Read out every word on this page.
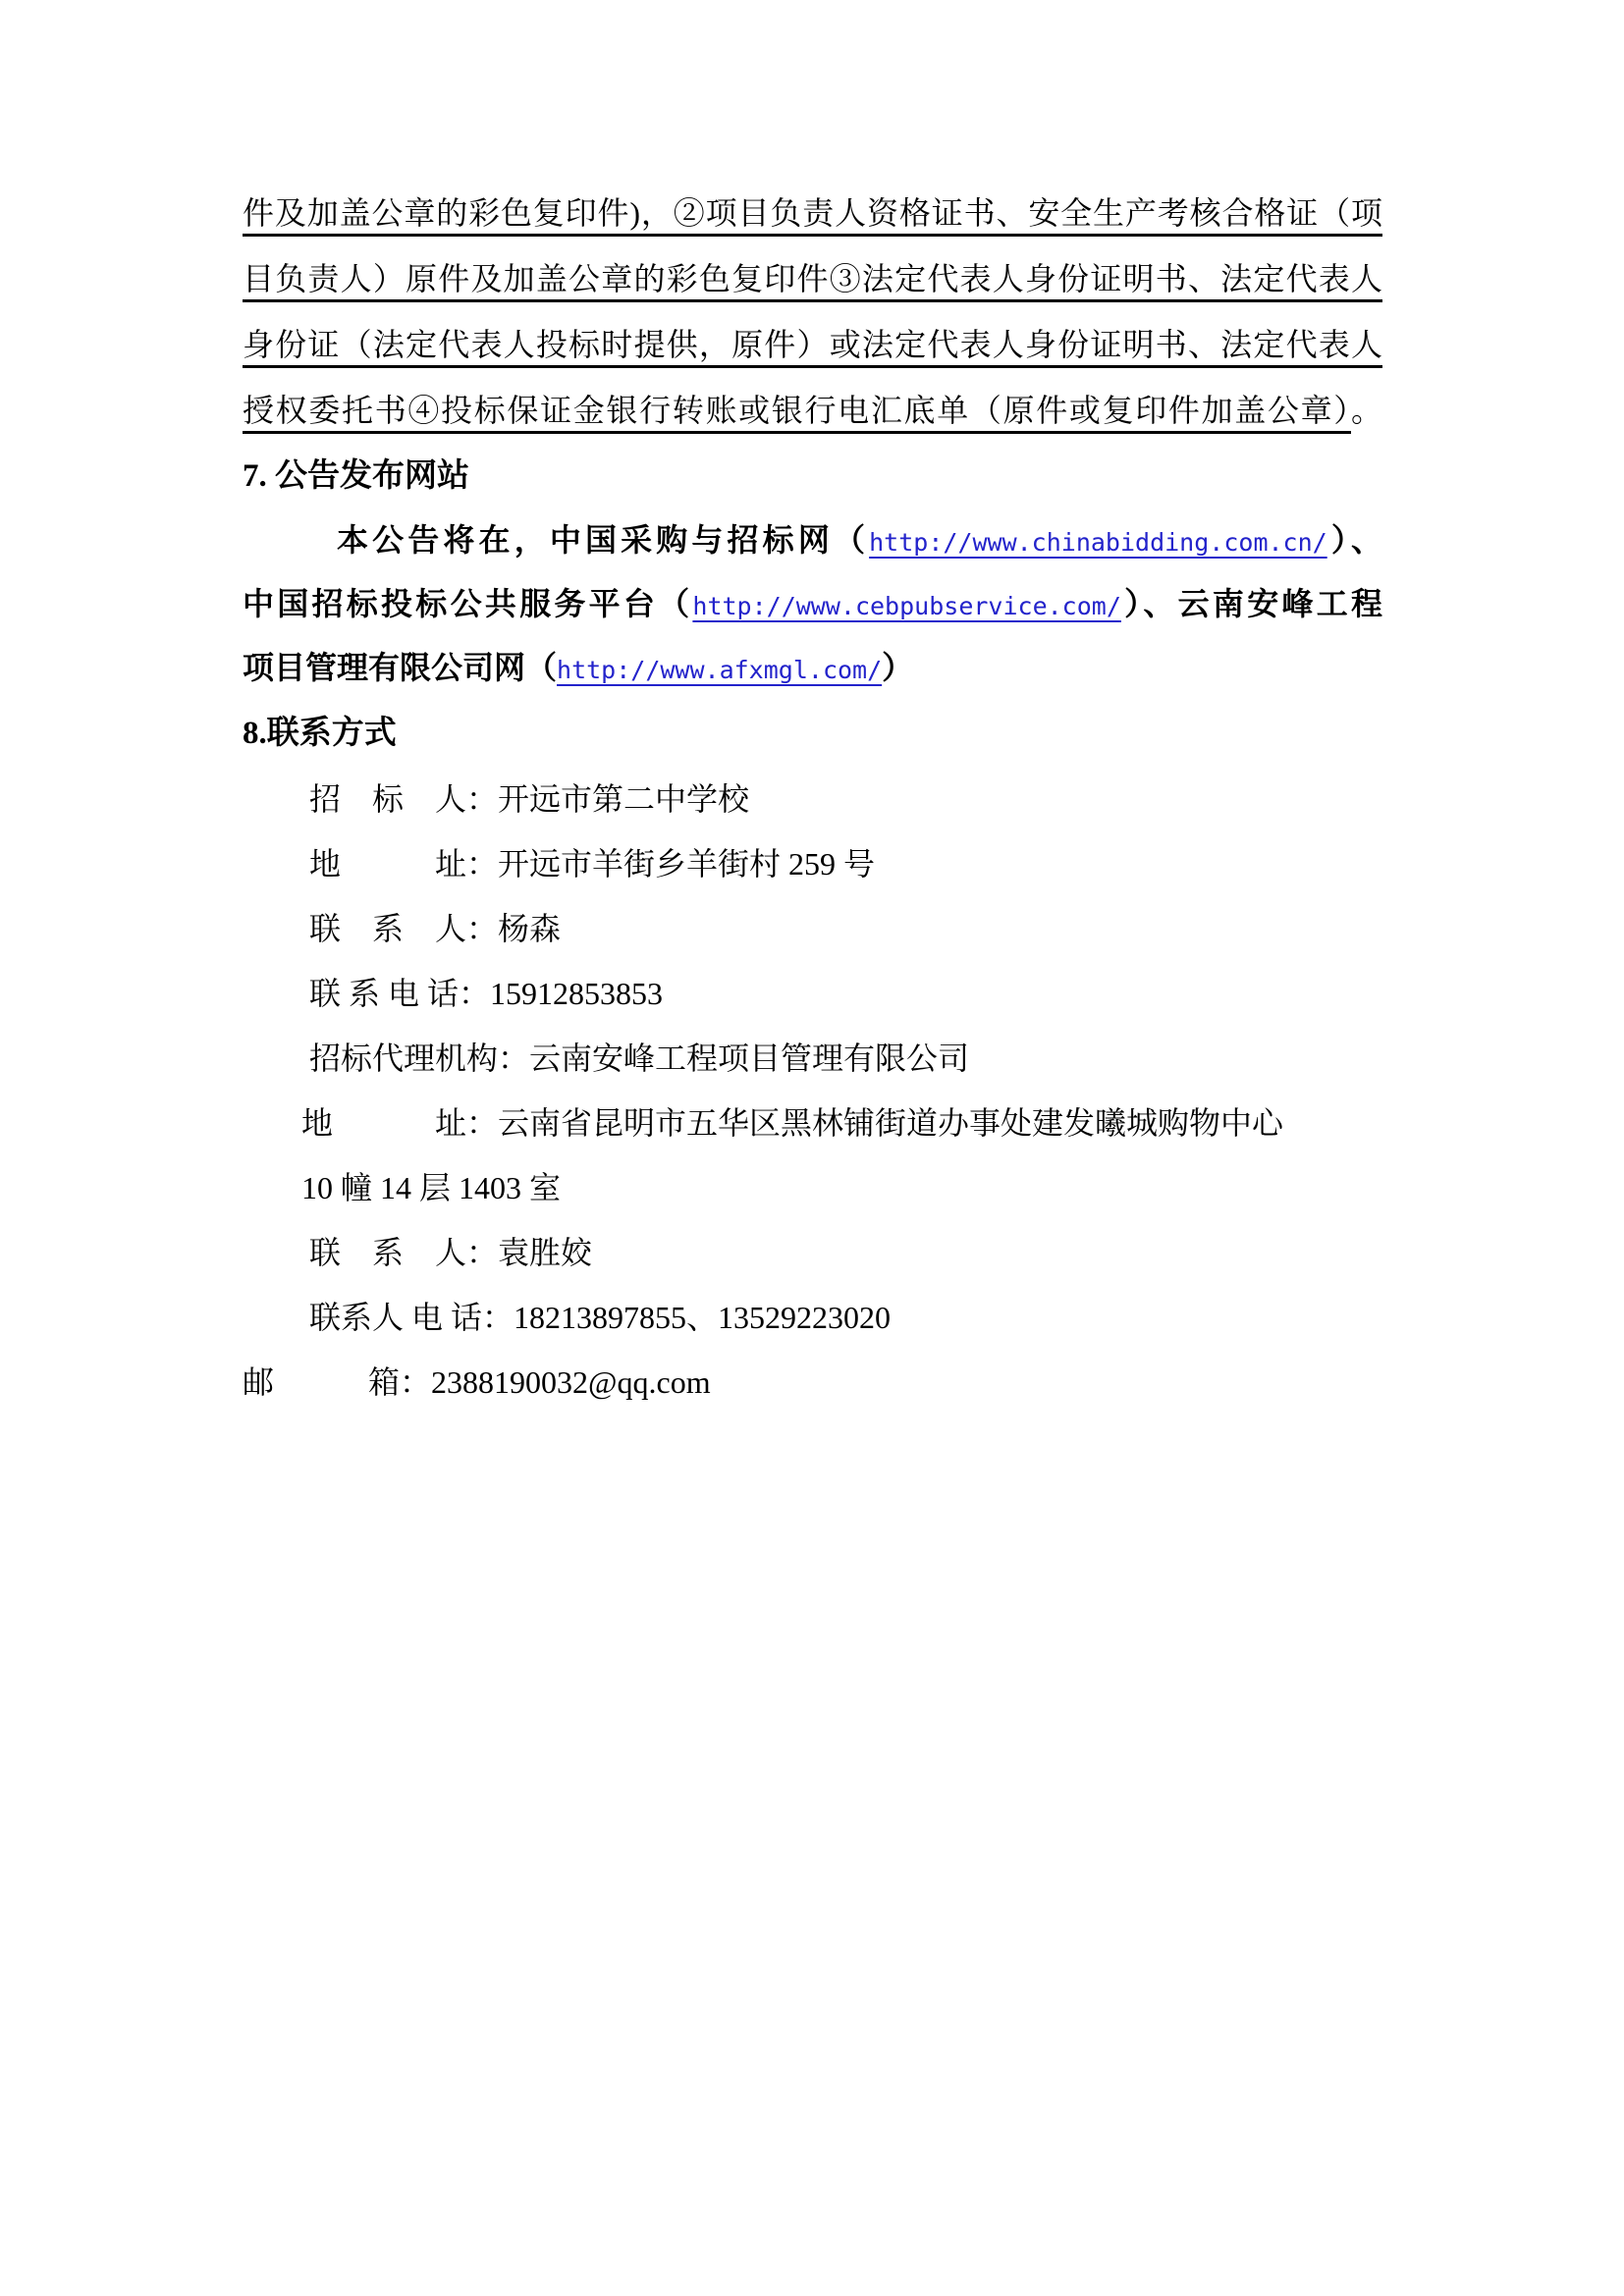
件及加盖公章的彩色复印件)，②项目负责人资格证书、安全生产考核合格证（项
目负责人）原件及加盖公章的彩色复印件③法定代表人身份证明书、法定代表人
身份证（法定代表人投标时提供，原件）或法定代表人身份证明书、法定代表人
授权委托书④投标保证金银行转账或银行电汇底单（原件或复印件加盖公章）。
7. 公告发布网站
本公告将在，中国采购与招标网（http://www.chinabidding.com.cn/）、
中国招标投标公共服务平台（http://www.cebpubservice.com/）、云南安峰工程
项目管理有限公司网（http://www.afxmgl.com/）
8.联系方式
招　标　人：开远市第二中学校
地　　　址：开远市羊街乡羊街村 259 号
联　系　人：杨森
联 系 电 话：15912853853
招标代理机构：云南安峰工程项目管理有限公司
地　　　 址：云南省昆明市五华区黑林铺街道办事处建发曦城购物中心
10 幢 14 层 1403 室
联　系　人：袁胜姣
联系人 电 话：18213897855、13529223020
邮　　　箱：2388190032@qq.com
